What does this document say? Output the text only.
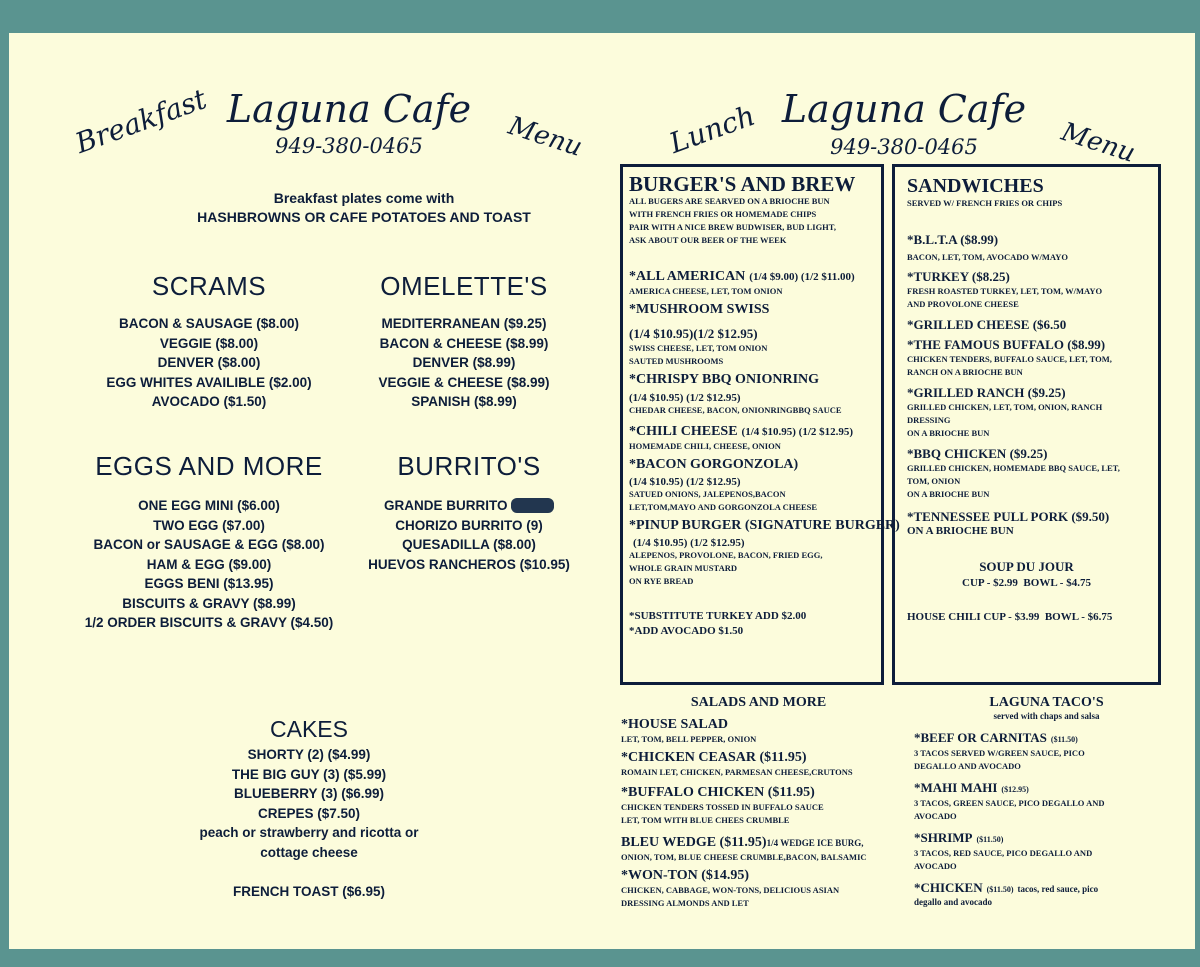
Breakfast Laguna Cafe
949-380-0465	Menu
Breakfast plates come with
HASHBROWNS OR CAFE POTATOES AND TOAST
SCRAMS
BACON & SAUSAGE ($8.00)
VEGGIE ($8.00)
DENVER ($8.00)
EGG WHITES AVAILIBLE ($2.00)
AVOCADO ($1.50)
OMELETTE'S
MEDITERRANEAN ($9.25)
BACON & CHEESE ($8.99)
DENVER ($8.99)
VEGGIE & CHEESE ($8.99)
SPANISH ($8.99)
EGGS AND MORE
ONE EGG MINI ($6.00)
TWO EGG ($7.00)
BACON or SAUSAGE & EGG ($8.00)
HAM & EGG ($9.00)
EGGS BENI ($13.95)
BISCUITS & GRAVY ($8.99)
1/2 ORDER BISCUITS & GRAVY ($4.50)
BURRITO'S
GRANDE BURRITO
CHORIZO BURRITO (9)
QUESADILLA ($8.00)
HUEVOS RANCHEROS ($10.95)
CAKES
SHORTY (2) ($4.99)
THE BIG GUY (3) ($5.99)
BLUEBERRY (3) ($6.99)
CREPES ($7.50)
peach or strawberry and ricotta or
cottage cheese
FRENCH TOAST ($6.95)
Lunch Laguna Cafe
949-380-0465	Menu
BURGER'S AND BREW
ALL BUGERS ARE SEARVED ON A BRIOCHE BUN
WITH FRENCH FRIES OR HOMEMADE CHIPS
PAIR WITH A NICE BREW BUDWISER, BUD LIGHT,
ASK ABOUT OUR BEER OF THE WEEK
*ALL AMERICAN (1/4 $9.00) (1/2 $11.00)
AMERICA CHEESE, LET, TOM ONION
*MUSHROOM SWISS
(1/4 $10.95)(1/2 $12.95)
SWISS CHEESE, LET, TOM ONION
SAUTED MUSHROOMS
*CHRISPY BBQ ONIONRING
(1/4 $10.95) (1/2 $12.95)
CHEDAR CHEESE, BACON, ONIONRINGBBQ SAUCE
*CHILI CHEESE (1/4 $10.95) (1/2 $12.95)
HOMEMADE CHILI, CHEESE, ONION
*BACON GORGONZOLA)
(1/4 $10.95) (1/2 $12.95)
SATUED ONIONS, JALEPENOS,BACON
LET,TOM,MAYO AND GORGONZOLA CHEESE
*PINUP BURGER (SIGNATURE BURGER)
(1/4 $10.95) (1/2 $12.95)
ALEPENOS, PROVOLONE, BACON, FRIED EGG,
WHOLE GRAIN MUSTARD
ON RYE BREAD
*SUBSTITUTE TURKEY ADD $2.00
*ADD AVOCADO $1.50
SANDWICHES
SERVED W/ FRENCH FRIES OR CHIPS
*B.L.T.A ($8.99)
BACON, LET, TOM, AVOCADO W/MAYO
*TURKEY ($8.25)
FRESH ROASTED TURKEY, LET, TOM, W/MAYO
AND PROVOLONE CHEESE
*GRILLED CHEESE ($6.50
*THE FAMOUS BUFFALO ($8.99)
CHICKEN TENDERS, BUFFALO SAUCE, LET, TOM,
RANCH ON A BRIOCHE BUN
*GRILLED RANCH ($9.25)
GRILLED CHICKEN, LET, TOM, ONION, RANCH
DRESSING
ON A BRIOCHE BUN
*BBQ CHICKEN ($9.25)
GRILLED CHICKEN, HOMEMADE BBQ SAUCE, LET,
TOM, ONION
ON A BRIOCHE BUN
*TENNESSEE PULL PORK ($9.50)
ON A BRIOCHE BUN
SOUP DU JOUR
CUP - $2.99  BOWL - $4.75
HOUSE CHILI CUP - $3.99  BOWL - $6.75
SALADS AND MORE
*HOUSE SALAD
LET, TOM, BELL PEPPER, ONION
*CHICKEN CEASAR ($11.95)
ROMAIN LET, CHICKEN, PARMESAN CHEESE,CRUTONS
*BUFFALO CHICKEN ($11.95)
CHICKEN TENDERS TOSSED IN BUFFALO SAUCE
LET, TOM WITH BLUE CHEES CRUMBLE
BLEU WEDGE ($11.95)1/4 WEDGE ICE BURG,
ONION, TOM, BLUE CHEESE CRUMBLE,BACON, BALSAMIC
*WON-TON ($14.95)
CHICKEN, CABBAGE, WON-TONS, DELICIOUS ASIAN
DRESSING ALMONDS AND LET
LAGUNA TACO'S
served with chaps and salsa
*BEEF OR CARNITAS ($11.50)
3 TACOS SERVED W/GREEN SAUCE, PICO
DEGALLO AND AVOCADO
*MAHI MAHI ($12.95)
3 TACOS, GREEN SAUCE, PICO DEGALLO AND
AVOCADO
*SHRIMP ($11.50)
3 TACOS, RED SAUCE, PICO DEGALLO AND
AVOCADO
*CHICKEN ($11.50) tacos, red sauce, pico
degallo and avocado
